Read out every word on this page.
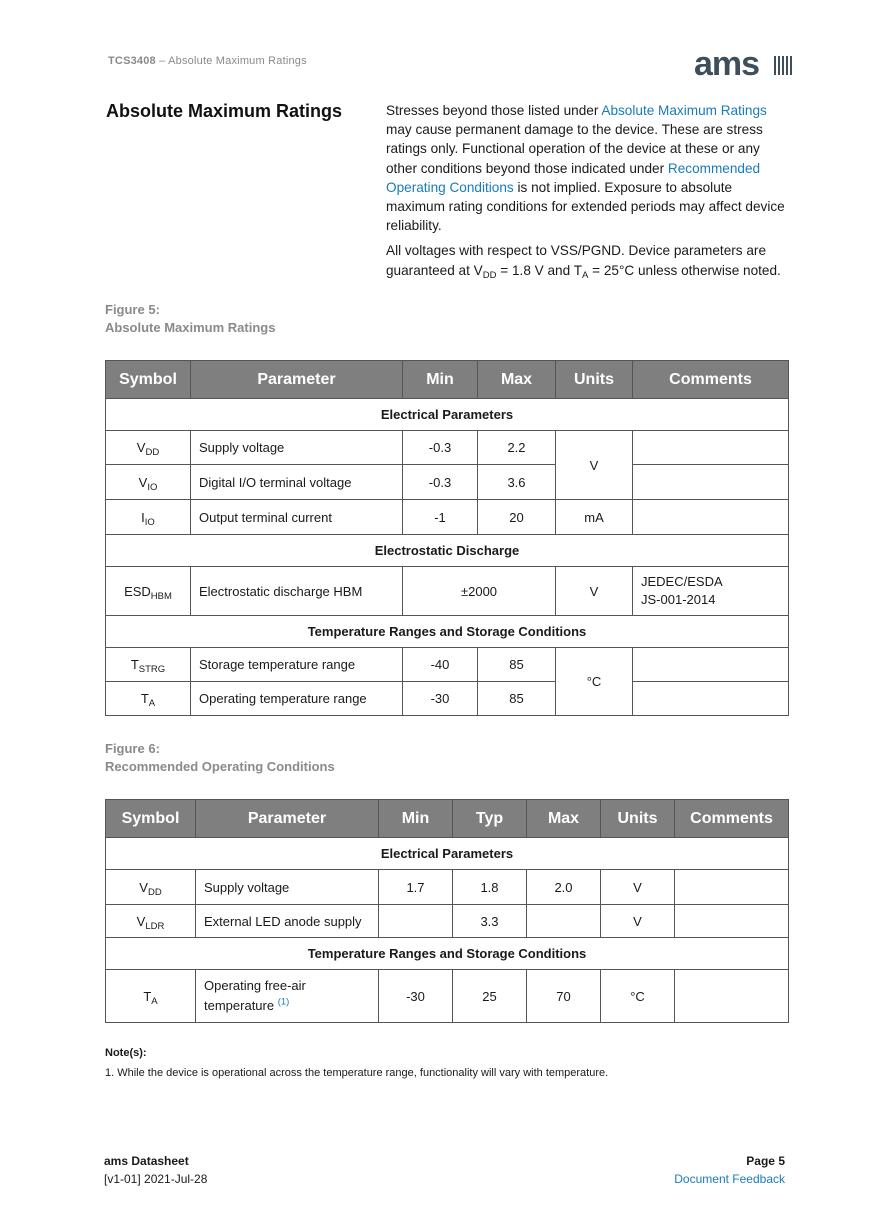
TCS3408 – Absolute Maximum Ratings	ams
Absolute Maximum Ratings	Stresses beyond those listed under Absolute Maximum Ratings may cause permanent damage to the device. These are stress ratings only. Functional operation of the device at these or any other conditions beyond those indicated under Recommended Operating Conditions is not implied. Exposure to absolute maximum rating conditions for extended periods may affect device reliability.

All voltages with respect to VSS/PGND. Device parameters are guaranteed at $V_{DD} = 1.8$ V and $T_A = 25^\circ C$ unless otherwise noted.

Figure 5:
Absolute Maximum Ratings
Symbol	Parameter	Min	Max	Units	Comments
Electrical Parameters					
$V_{DD}$	Supply voltage	-0.3	2.2	V	
$V_{IO}$	Digital I/O terminal voltage	-0.3	3.6		
$I_{IO}$	Output terminal current	-1	20	mA	
Electrostatic Discharge					
$ESD_{HBM}$	Electrostatic discharge HBM	±2000		V	JEDEC/ESDA
JS-001-2014

Temperature Ranges and Storage Conditions					
$T_{STRG}$	Storage temperature range	-40	85	°C	
$T_A$	Operating temperature range	-30	85		
Figure 6:
Recommended Operating Conditions
Symbol	Parameter	Min	Typ	Max	Units	Comments
Electrical Parameters						
$V_{DD}$	Supply voltage	1.7	1.8	2.0	V	
$V_{LDR}$	External LED anode supply		3.3		V	
Temperature Ranges and Storage Conditions						
$T_A$	Operating free-air
temperature $^{(1)}$	-30	25	70	°C	
Note(s):
1. While the device is operational across the temperature range, functionality will vary with temperature.
ams Datasheet
[v1-01] 2021-Jul-28
Page 5
Document Feedback
